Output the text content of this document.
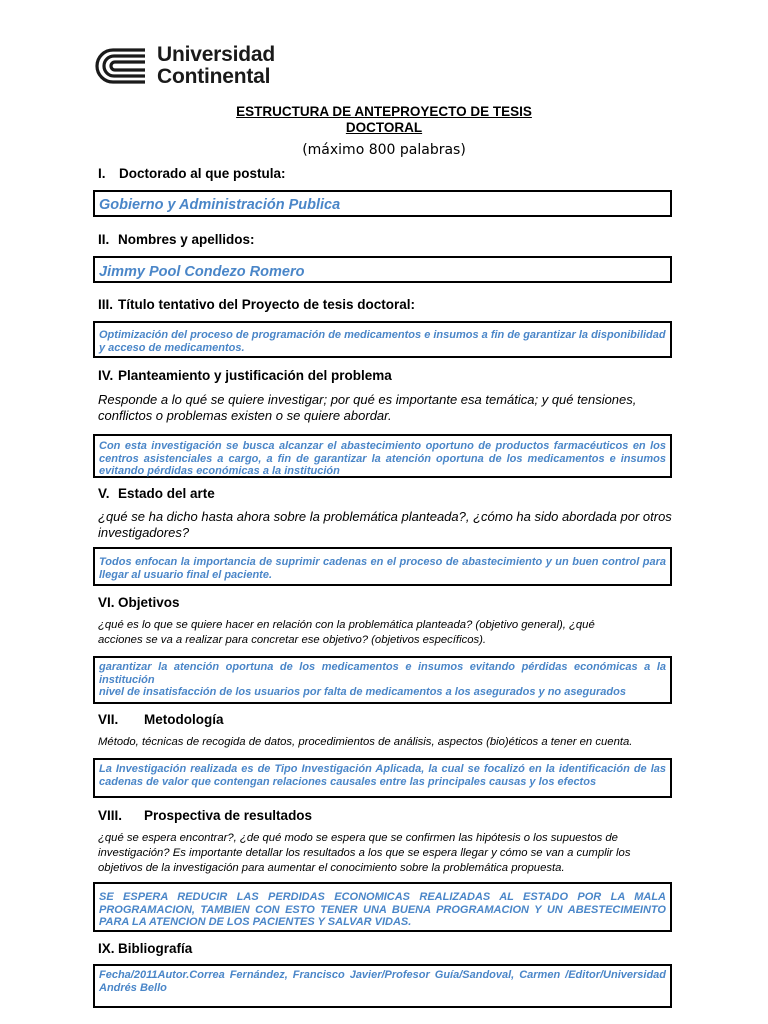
Universidad
Continental
ESTRUCTURA DE ANTEPROYECTO DE TESIS
DOCTORAL
(máximo 800 palabras)
I. Doctorado al que postula:
Gobierno y Administración Publica
II. Nombres y apellidos:
Jimmy Pool Condezo Romero
III. Título tentativo del Proyecto de tesis doctoral:
Optimización del proceso de programación de medicamentos e insumos a fin de garantizar la disponibilidad y acceso de medicamentos.
IV. Planteamiento y justificación del problema
Responde a lo qué se quiere investigar; por qué es importante esa temática; y qué tensiones, conflictos o problemas existen o se quiere abordar.
Con esta investigación se busca alcanzar el abastecimiento oportuno de productos farmacéuticos en los centros asistenciales a cargo, a fin de garantizar la atención oportuna de los medicamentos e insumos evitando pérdidas económicas a la institución
V. Estado del arte
¿qué se ha dicho hasta ahora sobre la problemática planteada?, ¿cómo ha sido abordada por otros investigadores?
Todos enfocan la importancia de suprimir cadenas en el proceso de abastecimiento y un buen control para llegar al usuario final el paciente.
VI. Objetivos
¿qué es lo que se quiere hacer en relación con la problemática planteada? (objetivo general), ¿qué acciones se va a realizar para concretar ese objetivo? (objetivos específicos).
garantizar la atención oportuna de los medicamentos e insumos evitando pérdidas económicas a la institución
nivel de insatisfacción de los usuarios por falta de medicamentos a los asegurados y no asegurados
VII. Metodología
Método, técnicas de recogida de datos, procedimientos de análisis, aspectos (bio)éticos a tener en cuenta.
La Investigación realizada es de Tipo Investigación Aplicada, la cual se focalizó en la identificación de las cadenas de valor que contengan relaciones causales entre las principales causas y los efectos
VIII. Prospectiva de resultados
¿qué se espera encontrar?, ¿de qué modo se espera que se confirmen las hipótesis o los supuestos de investigación? Es importante detallar los resultados a los que se espera llegar y cómo se van a cumplir los objetivos de la investigación para aumentar el conocimiento sobre la problemática propuesta.
SE ESPERA REDUCIR LAS PERDIDAS ECONOMICAS REALIZADAS AL ESTADO POR LA MALA PROGRAMACION, TAMBIEN CON ESTO TENER UNA BUENA PROGRAMACION Y UN ABESTECIMEINTO PARA LA ATENCION DE LOS PACIENTES Y SALVAR VIDAS.
IX. Bibliografía
Fecha/2011Autor.Correa Fernández, Francisco Javier/Profesor Guía/Sandoval, Carmen /Editor/Universidad Andrés Bello
